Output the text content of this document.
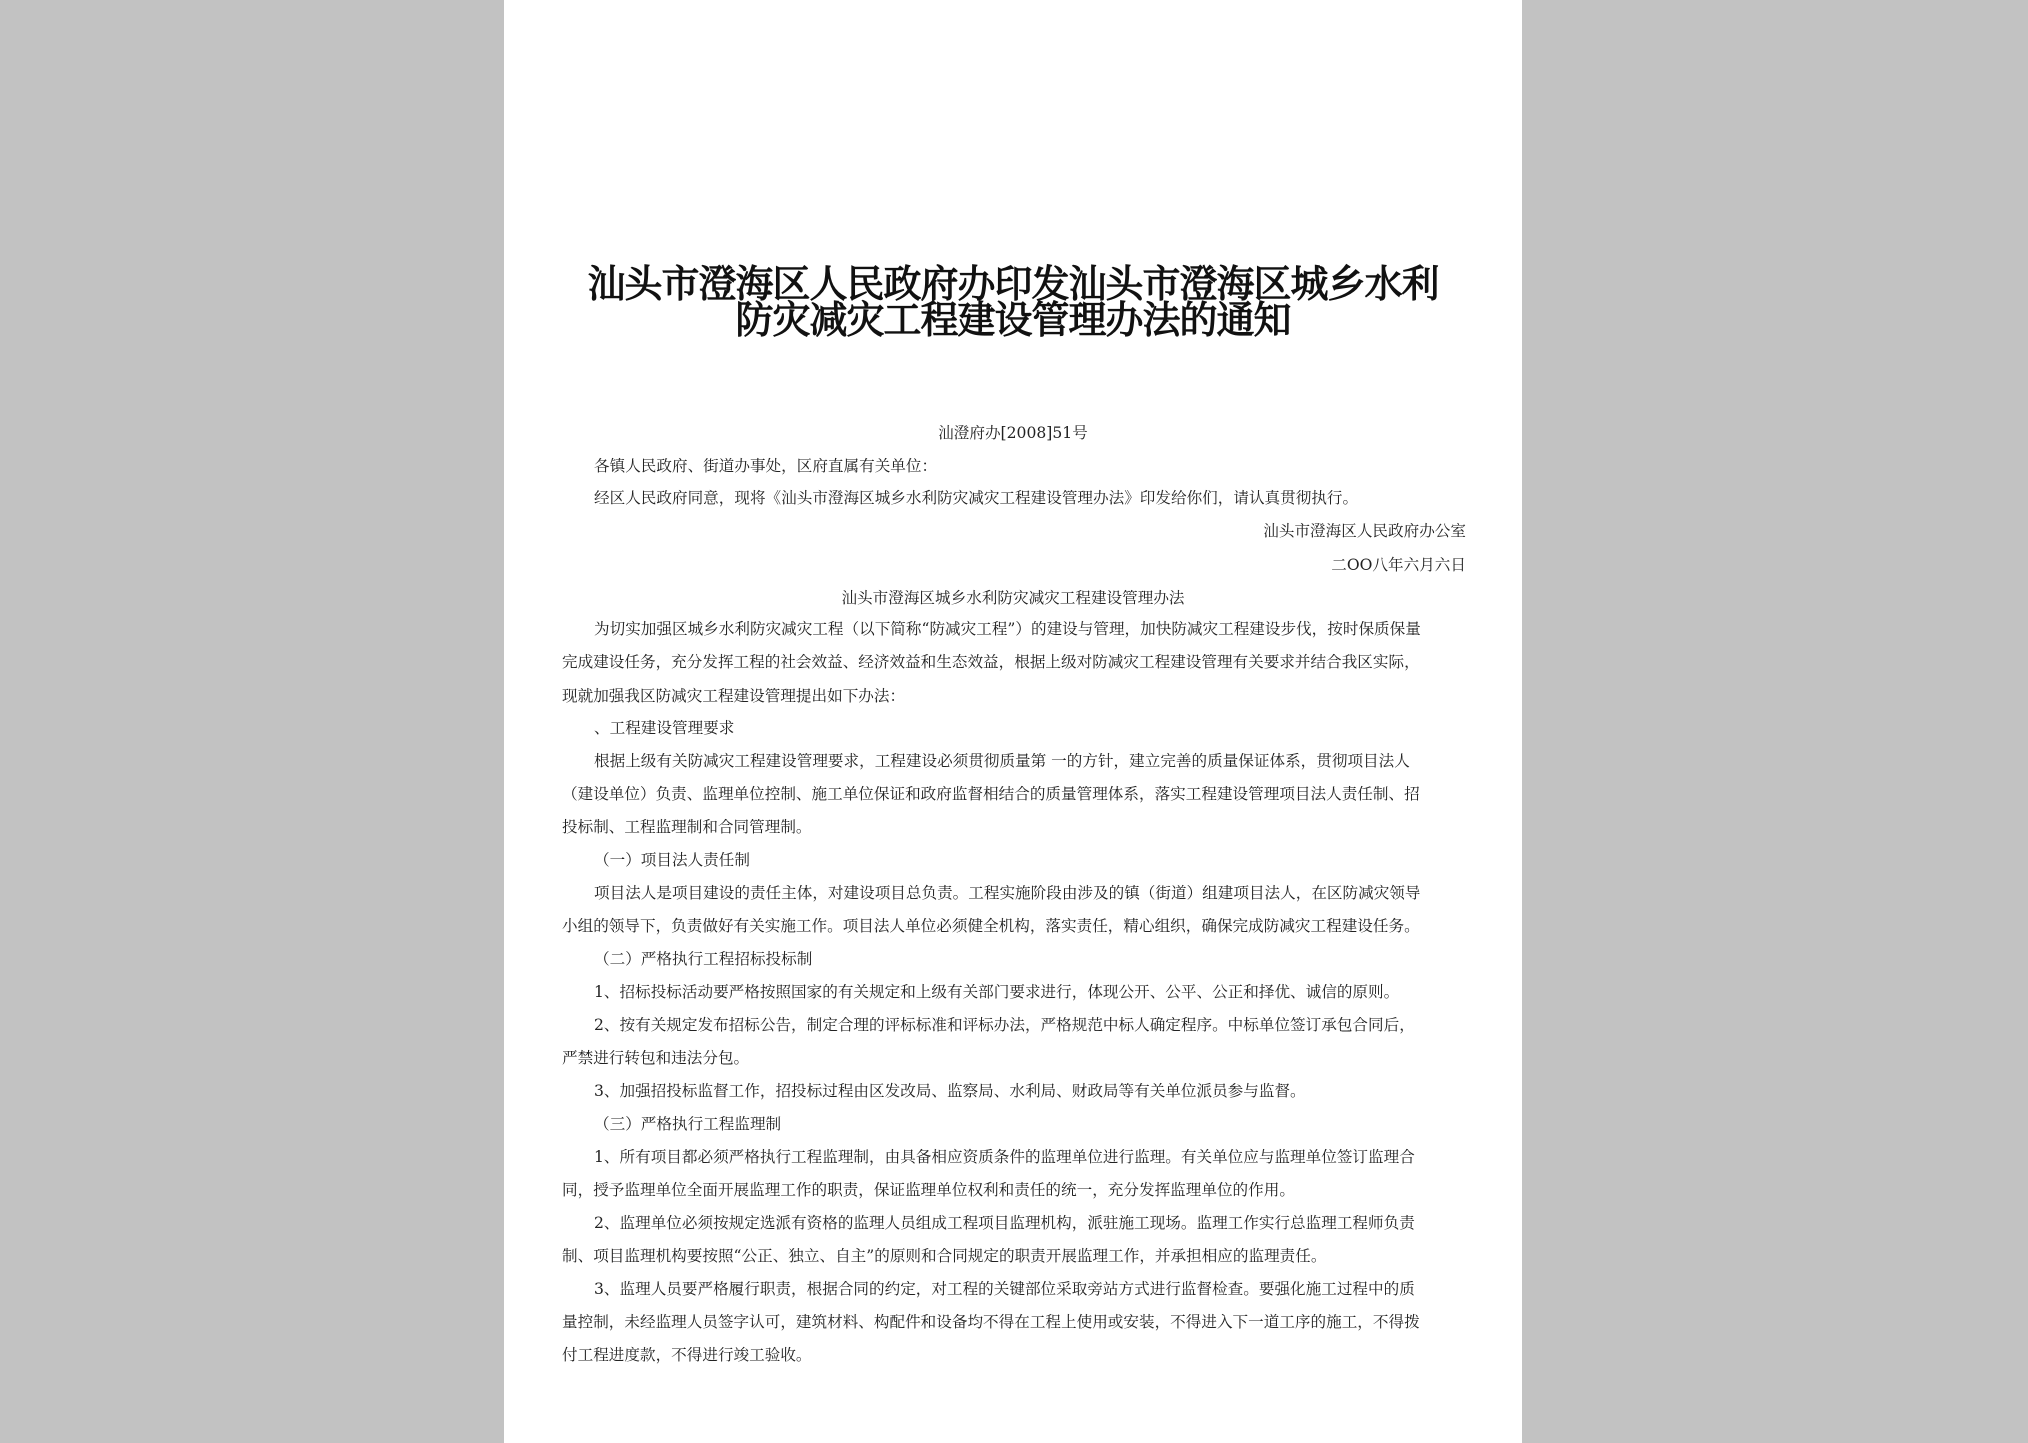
汕头市澄海区人民政府办印发汕头市澄海区城乡水利
防灾减灾工程建设管理办法的通知
汕澄府办[2008]51号
各镇人民政府、街道办事处，区府直属有关单位：
经区人民政府同意，现将《汕头市澄海区城乡水利防灾减灾工程建设管理办法》印发给你们，请认真贯彻执行。
汕头市澄海区人民政府办公室
二OO八年六月六日
汕头市澄海区城乡水利防灾减灾工程建设管理办法
为切实加强区城乡水利防灾减灾工程（以下简称“防减灾工程”）的建设与管理，加快防减灾工程建设步伐，按时保质保量
完成建设任务，充分发挥工程的社会效益、经济效益和生态效益，根据上级对防减灾工程建设管理有关要求并结合我区实际，
现就加强我区防减灾工程建设管理提出如下办法：
、工程建设管理要求
根据上级有关防减灾工程建设管理要求，工程建设必须贯彻质量第 一的方针，建立完善的质量保证体系，贯彻项目法人
（建设单位）负责、监理单位控制、施工单位保证和政府监督相结合的质量管理体系，落实工程建设管理项目法人责任制、招
投标制、工程监理制和合同管理制。
（一）项目法人责任制
项目法人是项目建设的责任主体，对建设项目总负责。工程实施阶段由涉及的镇（街道）组建项目法人，在区防减灾领导
小组的领导下，负责做好有关实施工作。项目法人单位必须健全机构，落实责任，精心组织，确保完成防减灾工程建设任务。
（二）严格执行工程招标投标制
1、招标投标活动要严格按照国家的有关规定和上级有关部门要求进行，体现公开、公平、公正和择优、诚信的原则。
2、按有关规定发布招标公告，制定合理的评标标准和评标办法，严格规范中标人确定程序。中标单位签订承包合同后，
严禁进行转包和违法分包。
3、加强招投标监督工作，招投标过程由区发改局、监察局、水利局、财政局等有关单位派员参与监督。
（三）严格执行工程监理制
1、所有项目都必须严格执行工程监理制，由具备相应资质条件的监理单位进行监理。有关单位应与监理单位签订监理合
同，授予监理单位全面开展监理工作的职责，保证监理单位权利和责任的统一，充分发挥监理单位的作用。
2、监理单位必须按规定选派有资格的监理人员组成工程项目监理机构，派驻施工现场。监理工作实行总监理工程师负责
制、项目监理机构要按照“公正、独立、自主”的原则和合同规定的职责开展监理工作，并承担相应的监理责任。
3、监理人员要严格履行职责，根据合同的约定，对工程的关键部位采取旁站方式进行监督检查。要强化施工过程中的质
量控制，未经监理人员签字认可，建筑材料、构配件和设备均不得在工程上使用或安装，不得进入下一道工序的施工，不得拨
付工程进度款，不得进行竣工验收。
